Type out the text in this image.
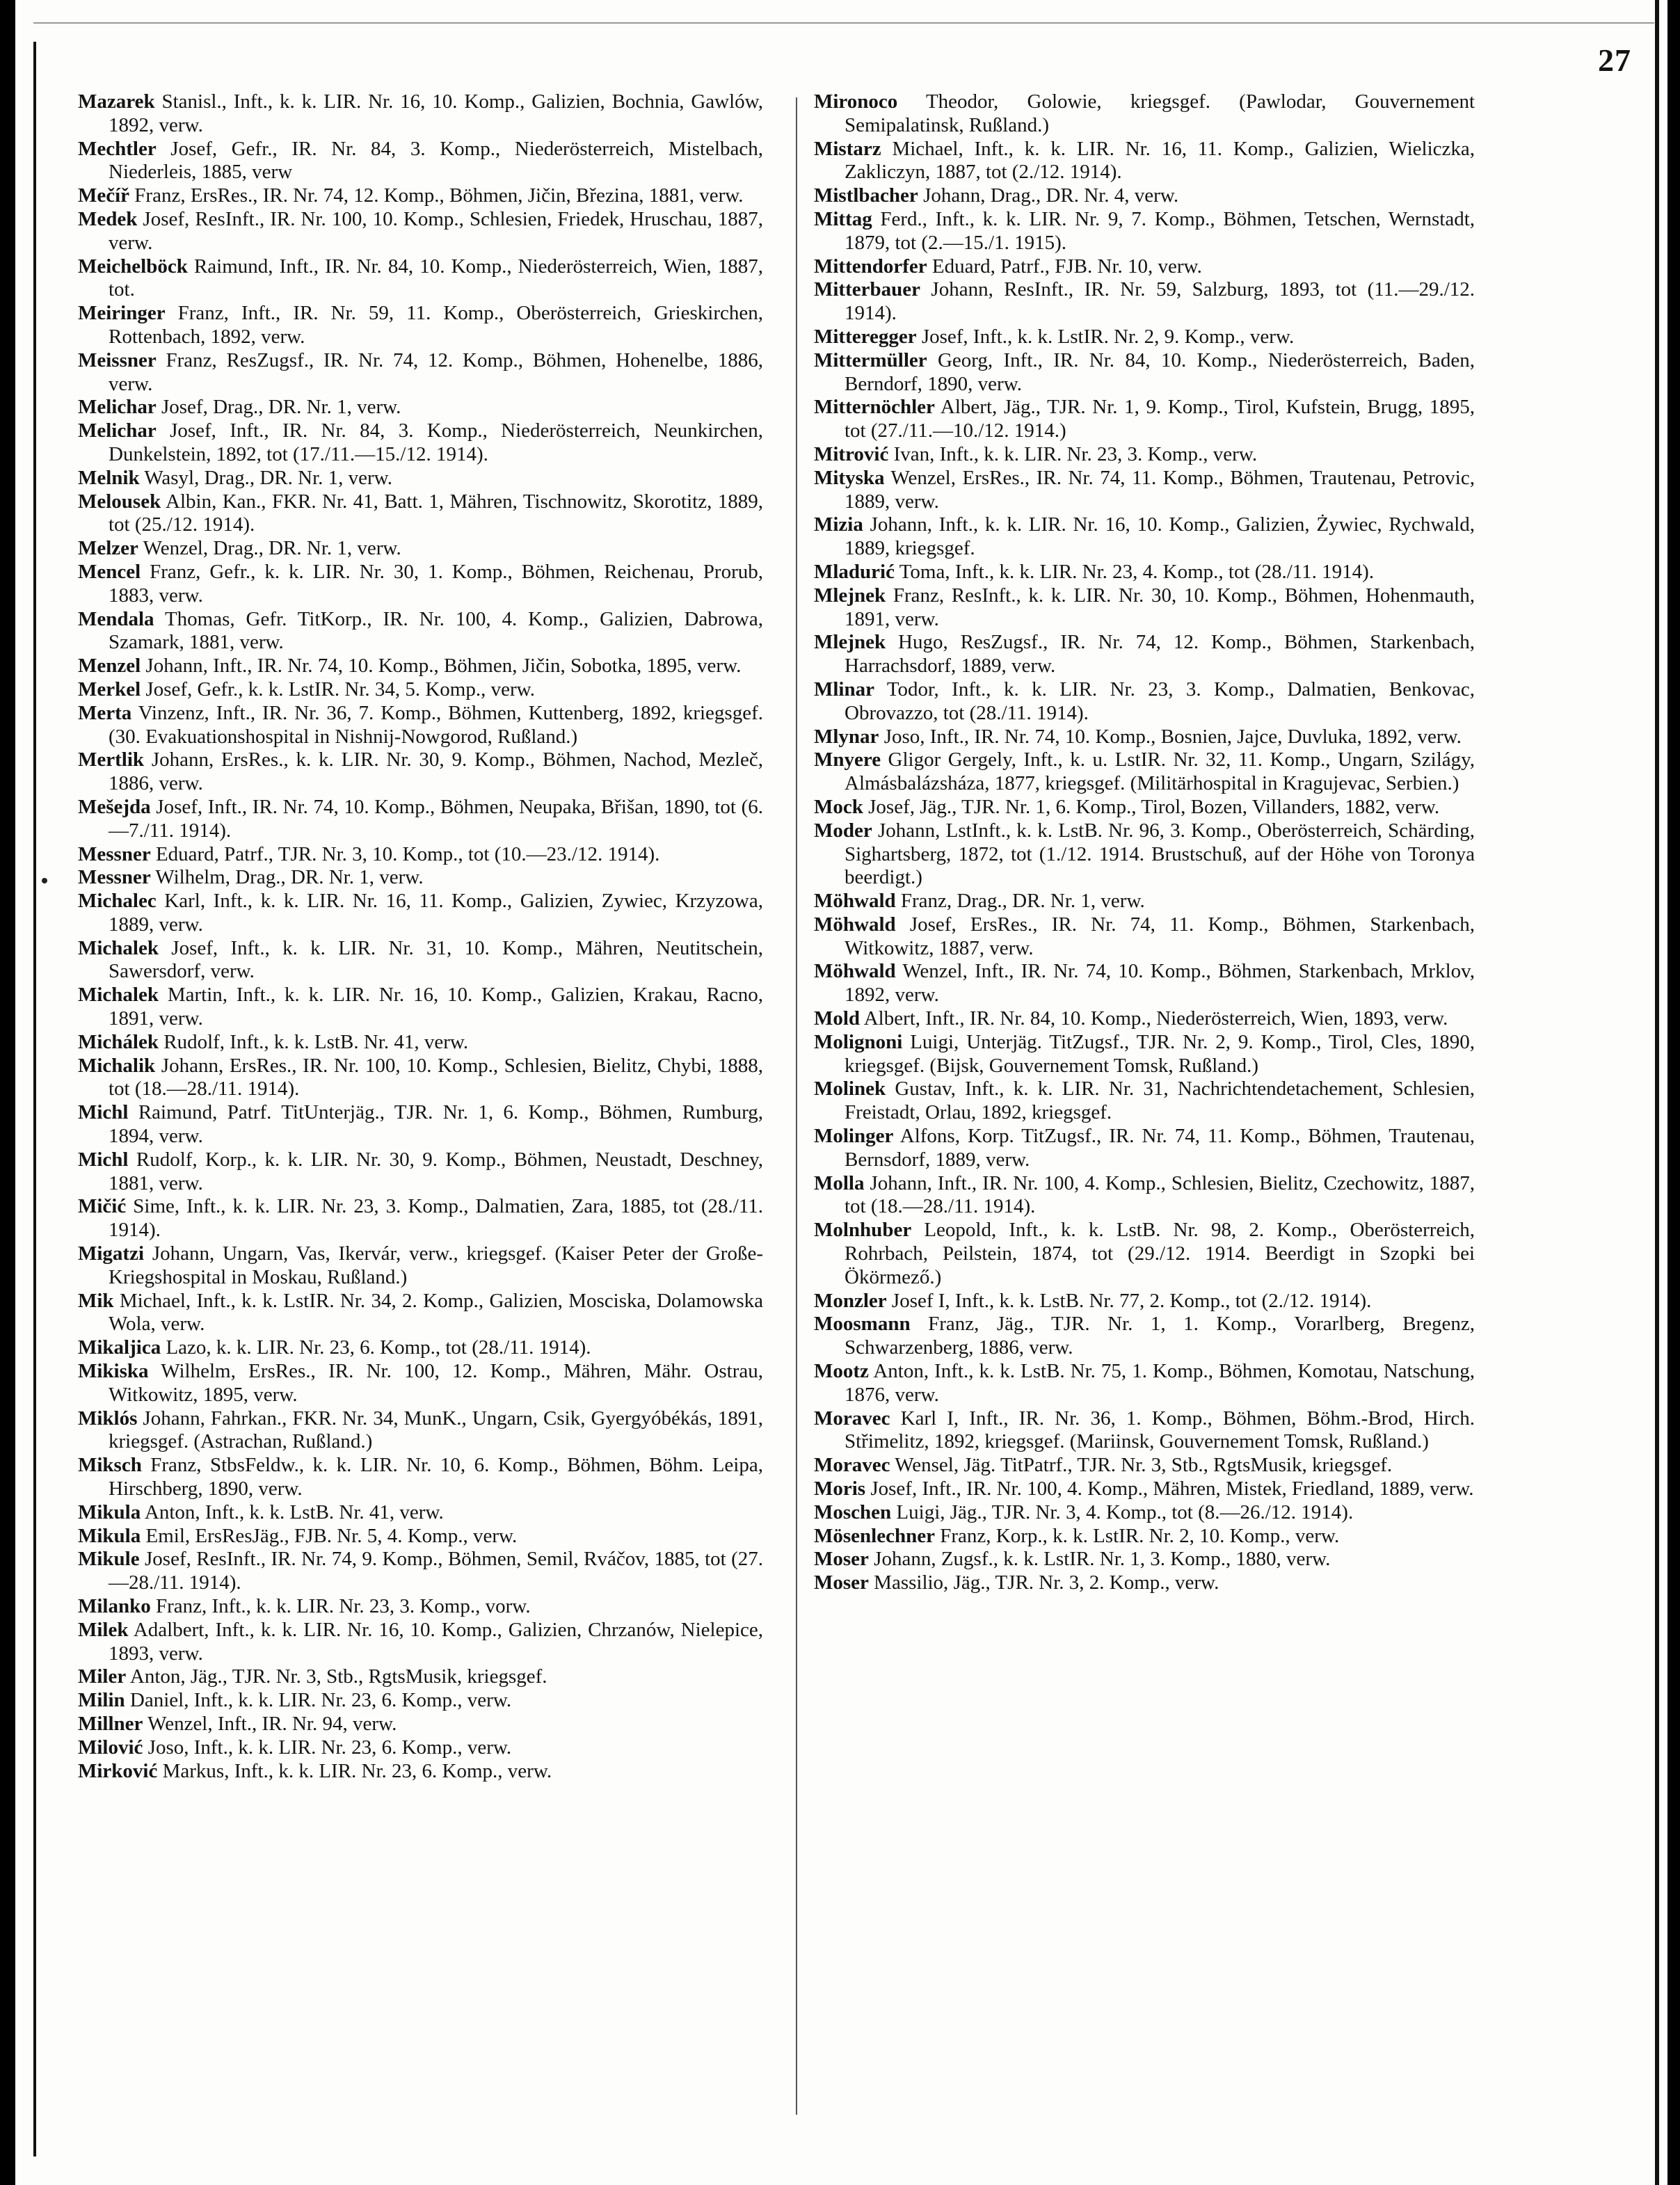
27

Mazarek Stanisl., Inft., k. k. LIR. Nr. 16, 10. Komp., Galizien, Bochnia, Gawlów, 1892, verw.

Mechtler Josef, Gefr., IR. Nr. 84, 3. Komp., Niederösterreich, Mistelbach, Niederleis, 1885, verw

Mečíř Franz, ErsRes., IR. Nr. 74, 12. Komp., Böhmen, Jičin, Březina, 1881, verw.

Medek Josef, ResInft., IR. Nr. 100, 10. Komp., Schlesien, Friedek, Hruschau, 1887, verw.

Meichelböck Raimund, Inft., IR. Nr. 84, 10. Komp., Niederösterreich, Wien, 1887, tot.

Meiringer Franz, Inft., IR. Nr. 59, 11. Komp., Oberösterreich, Grieskirchen, Rottenbach, 1892, verw.

Meissner Franz, ResZugsf., IR. Nr. 74, 12. Komp., Böhmen, Hohenelbe, 1886, verw.

Melichar Josef, Drag., DR. Nr. 1, verw.

Melichar Josef, Inft., IR. Nr. 84, 3. Komp., Niederösterreich, Neunkirchen, Dunkelstein, 1892, tot (17./11.—15./12. 1914).

Melnik Wasyl, Drag., DR. Nr. 1, verw.

Melousek Albin, Kan., FKR. Nr. 41, Batt. 1, Mähren, Tischnowitz, Skorotitz, 1889, tot (25./12. 1914).

Melzer Wenzel, Drag., DR. Nr. 1, verw.

Mencel Franz, Gefr., k. k. LIR. Nr. 30, 1. Komp., Böhmen, Reichenau, Prorub, 1883, verw.

Mendala Thomas, Gefr. TitKorp., IR. Nr. 100, 4. Komp., Galizien, Dabrowa, Szamark, 1881, verw.

Menzel Johann, Inft., IR. Nr. 74, 10. Komp., Böhmen, Jičin, Sobotka, 1895, verw.

Merkel Josef, Gefr., k. k. LstIR. Nr. 34, 5. Komp., verw.

Merta Vinzenz, Inft., IR. Nr. 36, 7. Komp., Böhmen, Kuttenberg, 1892, kriegsgef. (30. Evakuationshospital in Nishnij-Nowgorod, Rußland.)

Mertlik Johann, ErsRes., k. k. LIR. Nr. 30, 9. Komp., Böhmen, Nachod, Mezleč, 1886, verw.

Mešejda Josef, Inft., IR. Nr. 74, 10. Komp., Böhmen, Neupaka, Břišan, 1890, tot (6.—7./11. 1914).

Messner Eduard, Patrf., TJR. Nr. 3, 10. Komp., tot (10.—23./12. 1914).

Messner Wilhelm, Drag., DR. Nr. 1, verw.

Michalec Karl, Inft., k. k. LIR. Nr. 16, 11. Komp., Galizien, Zywiec, Krzyzowa, 1889, verw.

Michalek Josef, Inft., k. k. LIR. Nr. 31, 10. Komp., Mähren, Neutitschein, Sawersdorf, verw.

Michalek Martin, Inft., k. k. LIR. Nr. 16, 10. Komp., Galizien, Krakau, Racno, 1891, verw.

Michálek Rudolf, Inft., k. k. LstB. Nr. 41, verw.

Michalik Johann, ErsRes., IR. Nr. 100, 10. Komp., Schlesien, Bielitz, Chybi, 1888, tot (18.—28./11. 1914).

Michl Raimund, Patrf. TitUnterjäg., TJR. Nr. 1, 6. Komp., Böhmen, Rumburg, 1894, verw.

Michl Rudolf, Korp., k. k. LIR. Nr. 30, 9. Komp., Böhmen, Neustadt, Deschney, 1881, verw.

Mičić Sime, Inft., k. k. LIR. Nr. 23, 3. Komp., Dalmatien, Zara, 1885, tot (28./11. 1914).

Migatzi Johann, Ungarn, Vas, Ikervár, verw., kriegsgef. (Kaiser Peter der Große-Kriegshospital in Moskau, Rußland.)

Mik Michael, Inft., k. k. LstIR. Nr. 34, 2. Komp., Galizien, Mosciska, Dolamowska Wola, verw.

Mikaljica Lazo, k. k. LIR. Nr. 23, 6. Komp., tot (28./11. 1914).

Mikiska Wilhelm, ErsRes., IR. Nr. 100, 12. Komp., Mähren, Mähr. Ostrau, Witkowitz, 1895, verw.

Miklós Johann, Fahrkan., FKR. Nr. 34, MunK., Ungarn, Csik, Gyergyóbékás, 1891, kriegsgef. (Astrachan, Rußland.)

Miksch Franz, StbsFeldw., k. k. LIR. Nr. 10, 6. Komp., Böhmen, Böhm. Leipa, Hirschberg, 1890, verw.

Mikula Anton, Inft., k. k. LstB. Nr. 41, verw.

Mikula Emil, ErsResJäg., FJB. Nr. 5, 4. Komp., verw.

Mikule Josef, ResInft., IR. Nr. 74, 9. Komp., Böhmen, Semil, Rváčov, 1885, tot (27.—28./11. 1914).

Milanko Franz, Inft., k. k. LIR. Nr. 23, 3. Komp., vorw.

Milek Adalbert, Inft., k. k. LIR. Nr. 16, 10. Komp., Galizien, Chrzanów, Nielepice, 1893, verw.

Miler Anton, Jäg., TJR. Nr. 3, Stb., RgtsMusik, kriegsgef.

Milin Daniel, Inft., k. k. LIR. Nr. 23, 6. Komp., verw.

Millner Wenzel, Inft., IR. Nr. 94, verw.

Milović Joso, Inft., k. k. LIR. Nr. 23, 6. Komp., verw.

Mirković Markus, Inft., k. k. LIR. Nr. 23, 6. Komp., verw.

Mironoco Theodor, Golowie, kriegsgef. (Pawlodar, Gouvernement Semipalatinsk, Rußland.)

Mistarz Michael, Inft., k. k. LIR. Nr. 16, 11. Komp., Galizien, Wieliczka, Zakliczyn, 1887, tot (2./12. 1914).

Mistlbacher Johann, Drag., DR. Nr. 4, verw.

Mittag Ferd., Inft., k. k. LIR. Nr. 9, 7. Komp., Böhmen, Tetschen, Wernstadt, 1879, tot (2.—15./1. 1915).

Mittendorfer Eduard, Patrf., FJB. Nr. 10, verw.

Mitterbauer Johann, ResInft., IR. Nr. 59, Salzburg, 1893, tot (11.—29./12. 1914).

Mitteregger Josef, Inft., k. k. LstIR. Nr. 2, 9. Komp., verw.

Mittermüller Georg, Inft., IR. Nr. 84, 10. Komp., Niederösterreich, Baden, Berndorf, 1890, verw.

Mitternöchler Albert, Jäg., TJR. Nr. 1, 9. Komp., Tirol, Kufstein, Brugg, 1895, tot (27./11.—10./12. 1914.)

Mitrović Ivan, Inft., k. k. LIR. Nr. 23, 3. Komp., verw.

Mityska Wenzel, ErsRes., IR. Nr. 74, 11. Komp., Böhmen, Trautenau, Petrovic, 1889, verw.

Mizia Johann, Inft., k. k. LIR. Nr. 16, 10. Komp., Galizien, Żywiec, Rychwald, 1889, kriegsgef.

Mladurić Toma, Inft., k. k. LIR. Nr. 23, 4. Komp., tot (28./11. 1914).

Mlejnek Franz, ResInft., k. k. LIR. Nr. 30, 10. Komp., Böhmen, Hohenmauth, 1891, verw.

Mlejnek Hugo, ResZugsf., IR. Nr. 74, 12. Komp., Böhmen, Starkenbach, Harrachsdorf, 1889, verw.

Mlinar Todor, Inft., k. k. LIR. Nr. 23, 3. Komp., Dalmatien, Benkovac, Obrovazzo, tot (28./11. 1914).

Mlynar Joso, Inft., IR. Nr. 74, 10. Komp., Bosnien, Jajce, Duvluka, 1892, verw.

Mnyere Gligor Gergely, Inft., k. u. LstIR. Nr. 32, 11. Komp., Ungarn, Szilágy, Almásbalázsháza, 1877, kriegsgef. (Militärhospital in Kragujevac, Serbien.)

Mock Josef, Jäg., TJR. Nr. 1, 6. Komp., Tirol, Bozen, Villanders, 1882, verw.

Moder Johann, LstInft., k. k. LstB. Nr. 96, 3. Komp., Oberösterreich, Schärding, Sighartsberg, 1872, tot (1./12. 1914. Brustschuß, auf der Höhe von Toronya beerdigt.)

Möhwald Franz, Drag., DR. Nr. 1, verw.

Möhwald Josef, ErsRes., IR. Nr. 74, 11. Komp., Böhmen, Starkenbach, Witkowitz, 1887, verw.

Möhwald Wenzel, Inft., IR. Nr. 74, 10. Komp., Böhmen, Starkenbach, Mrklov, 1892, verw.

Mold Albert, Inft., IR. Nr. 84, 10. Komp., Niederösterreich, Wien, 1893, verw.

Molignoni Luigi, Unterjäg. TitZugsf., TJR. Nr. 2, 9. Komp., Tirol, Cles, 1890, kriegsgef. (Bijsk, Gouvernement Tomsk, Rußland.)

Molinek Gustav, Inft., k. k. LIR. Nr. 31, Nachrichtendetachement, Schlesien, Freistadt, Orlau, 1892, kriegsgef.

Molinger Alfons, Korp. TitZugsf., IR. Nr. 74, 11. Komp., Böhmen, Trautenau, Bernsdorf, 1889, verw.

Molla Johann, Inft., IR. Nr. 100, 4. Komp., Schlesien, Bielitz, Czechowitz, 1887, tot (18.—28./11. 1914).

Molnhuber Leopold, Inft., k. k. LstB. Nr. 98, 2. Komp., Oberösterreich, Rohrbach, Peilstein, 1874, tot (29./12. 1914. Beerdigt in Szopki bei Ökörmező.)

Monzler Josef I, Inft., k. k. LstB. Nr. 77, 2. Komp., tot (2./12. 1914).

Moosmann Franz, Jäg., TJR. Nr. 1, 1. Komp., Vorarlberg, Bregenz, Schwarzenberg, 1886, verw.

Mootz Anton, Inft., k. k. LstB. Nr. 75, 1. Komp., Böhmen, Komotau, Natschung, 1876, verw.

Moravec Karl I, Inft., IR. Nr. 36, 1. Komp., Böhmen, Böhm.-Brod, Hirch. Střimelitz, 1892, kriegsgef. (Mariinsk, Gouvernement Tomsk, Rußland.)

Moravec Wensel, Jäg. TitPatrf., TJR. Nr. 3, Stb., RgtsMusik, kriegsgef.

Moris Josef, Inft., IR. Nr. 100, 4. Komp., Mähren, Mistek, Friedland, 1889, verw.

Moschen Luigi, Jäg., TJR. Nr. 3, 4. Komp., tot (8.—26./12. 1914).

Mösenlechner Franz, Korp., k. k. LstIR. Nr. 2, 10. Komp., verw.

Moser Johann, Zugsf., k. k. LstIR. Nr. 1, 3. Komp., 1880, verw.

Moser Massilio, Jäg., TJR. Nr. 3, 2. Komp., verw.
